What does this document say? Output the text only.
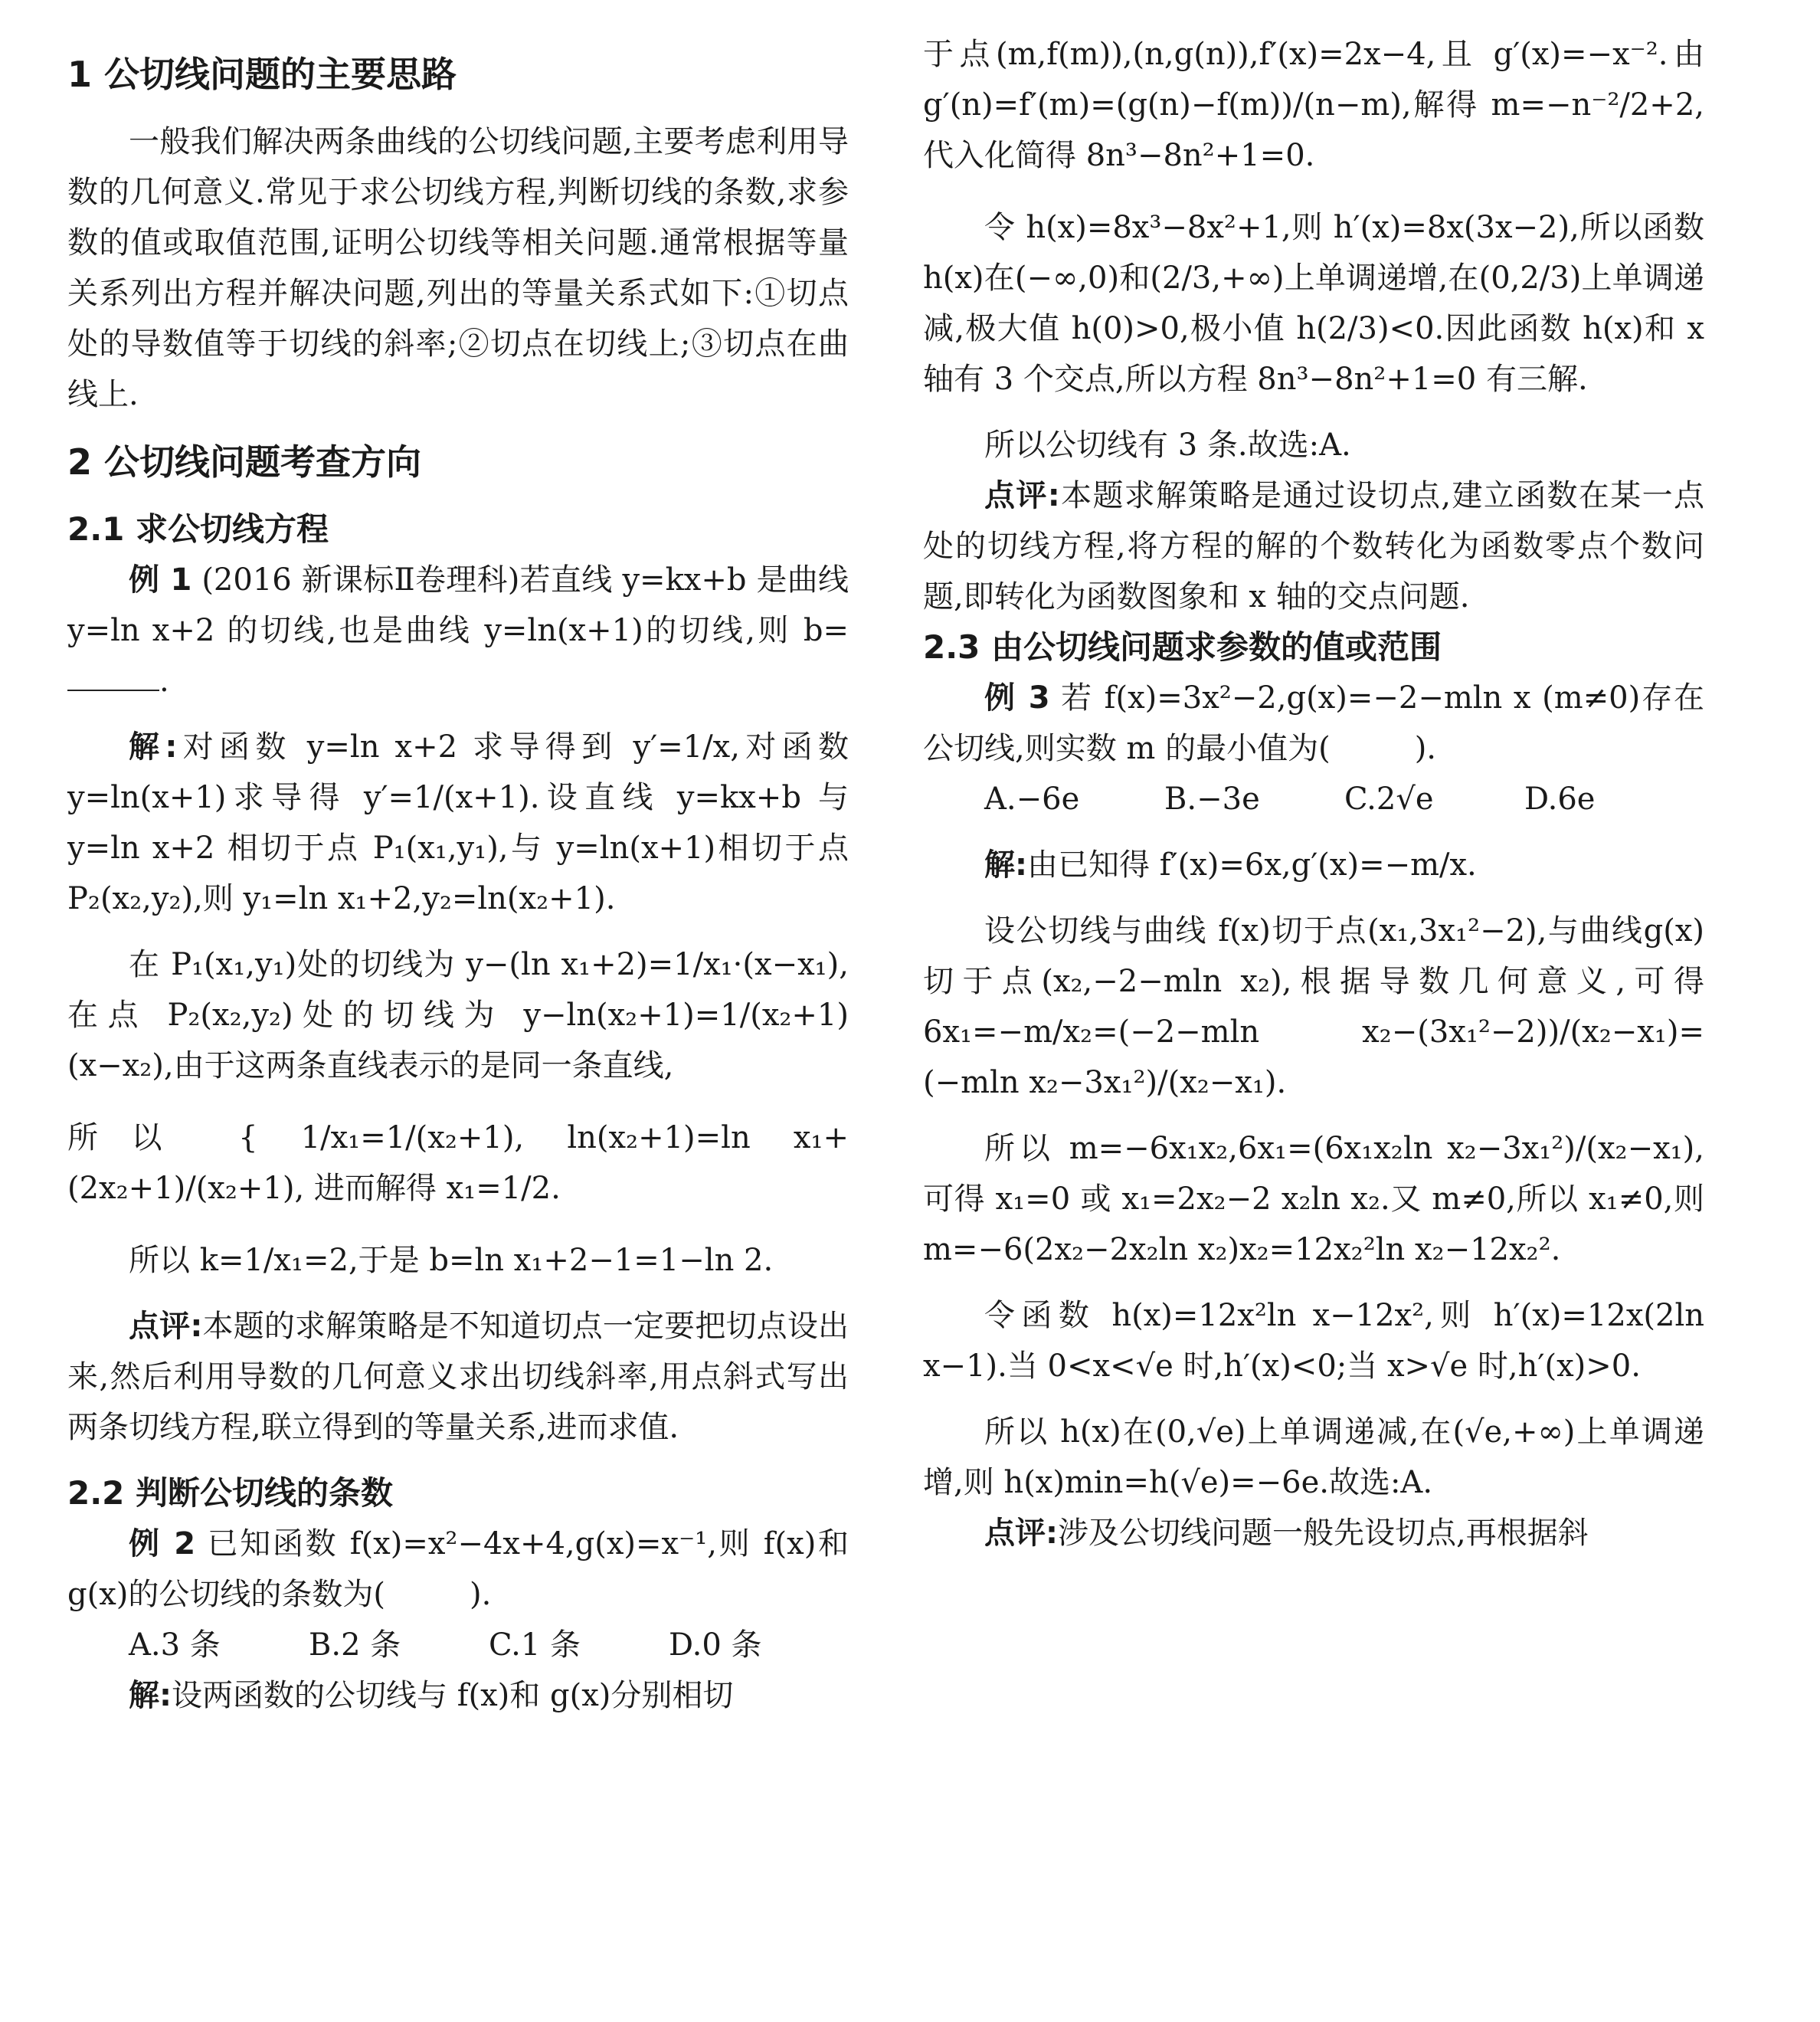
1 公切线问题的主要思路

一般我们解决两条曲线的公切线问题,主要考虑利用导数的几何意义.常见于求公切线方程,判断切线的条数,求参数的值或取值范围,证明公切线等相关问题.通常根据等量关系列出方程并解决问题,列出的等量关系式如下:①切点处的导数值等于切线的斜率;②切点在切线上;③切点在曲线上.

2 公切线问题考查方向
2.1 求公切线方程

例 1 (2016 新课标Ⅱ卷理科)若直线 y=kx+b 是曲线 y=ln x+2 的切线,也是曲线 y=ln(x+1)的切线,则 b=.

解:对函数 y=ln x+2 求导得到 y′=1/x,对函数 y=ln(x+1)求导得 y′=1/(x+1).设直线 y=kx+b 与 y=ln x+2 相切于点 P₁(x₁,y₁),与 y=ln(x+1)相切于点 P₂(x₂,y₂),则 y₁=ln x₁+2,y₂=ln(x₂+1).

在 P₁(x₁,y₁)处的切线为 y−(ln x₁+2)=1/x₁·(x−x₁),在点 P₂(x₂,y₂)处的切线为 y−ln(x₂+1)=1/(x₂+1)(x−x₂),由于这两条直线表示的是同一条直线,

所以 { 1/x₁=1/(x₂+1), ln(x₂+1)=ln x₁+(2x₂+1)/(x₂+1), 进而解得 x₁=1/2.

所以 k=1/x₁=2,于是 b=ln x₁+2−1=1−ln 2.

点评:本题的求解策略是不知道切点一定要把切点设出来,然后利用导数的几何意义求出切线斜率,用点斜式写出两条切线方程,联立得到的等量关系,进而求值.

2.2 判断公切线的条数

例 2 已知函数 f(x)=x²−4x+4,g(x)=x⁻¹,则 f(x)和 g(x)的公切线的条数为(	).

A.3 条	B.2 条	C.1 条	D.0 条

解:设两函数的公切线与 f(x)和 g(x)分别相切

于点(m,f(m)),(n,g(n)),f′(x)=2x−4,且 g′(x)=−x⁻².由 g′(n)=f′(m)=(g(n)−f(m))/(n−m),解得 m=−n⁻²/2+2,代入化简得 8n³−8n²+1=0.

令 h(x)=8x³−8x²+1,则 h′(x)=8x(3x−2),所以函数 h(x)在(−∞,0)和(2/3,+∞)上单调递增,在(0,2/3)上单调递减,极大值 h(0)>0,极小值 h(2/3)<0.因此函数 h(x)和 x 轴有 3 个交点,所以方程 8n³−8n²+1=0 有三解.

所以公切线有 3 条.故选:A.

点评:本题求解策略是通过设切点,建立函数在某一点处的切线方程,将方程的解的个数转化为函数零点个数问题,即转化为函数图象和 x 轴的交点问题.

2.3 由公切线问题求参数的值或范围

例 3 若 f(x)=3x²−2,g(x)=−2−mln x (m≠0)存在公切线,则实数 m 的最小值为(	).

A.−6e	B.−3e	C.2√e	D.6e

解:由已知得 f′(x)=6x,g′(x)=−m/x.

设公切线与曲线 f(x)切于点(x₁,3x₁²−2),与曲线g(x)切于点(x₂,−2−mln x₂),根据导数几何意义,可得 6x₁=−m/x₂=(−2−mln x₂−(3x₁²−2))/(x₂−x₁)=(−mln x₂−3x₁²)/(x₂−x₁).

所以 m=−6x₁x₂,6x₁=(6x₁x₂ln x₂−3x₁²)/(x₂−x₁),可得 x₁=0 或 x₁=2x₂−2 x₂ln x₂.又 m≠0,所以 x₁≠0,则 m=−6(2x₂−2x₂ln x₂)x₂=12x₂²ln x₂−12x₂².

令函数 h(x)=12x²ln x−12x²,则 h′(x)=12x(2ln x−1).当 0<x<√e 时,h′(x)<0;当 x>√e 时,h′(x)>0.

所以 h(x)在(0,√e)上单调递减,在(√e,+∞)上单调递增,则 h(x)min=h(√e)=−6e.故选:A.

点评:涉及公切线问题一般先设切点,再根据斜
